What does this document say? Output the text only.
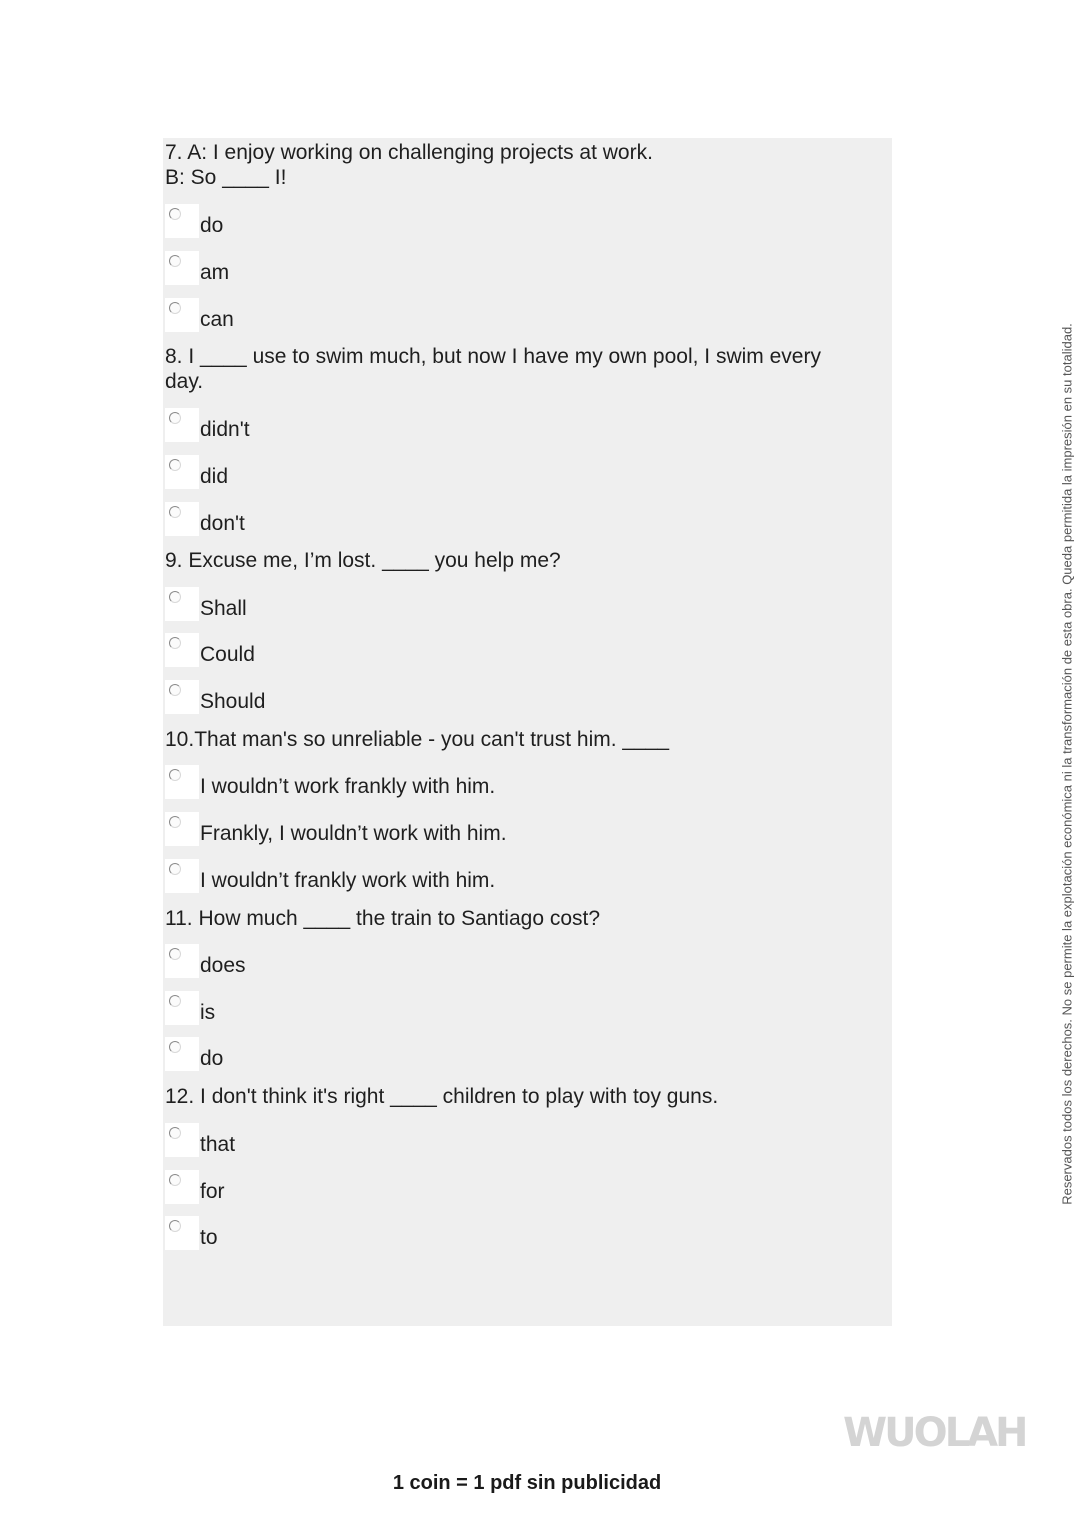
7. A: I enjoy working on challenging projects at work.
B: So ____ I!
do
am
can
8. I ____ use to swim much, but now I have my own pool, I swim every
day.
didn't
did
don't
9. Excuse me, I’m lost. ____ you help me?
Shall
Could
Should
10.That man's so unreliable - you can't trust him. ____
I wouldn’t work frankly with him.
Frankly, I wouldn’t work with him.
I wouldn’t frankly work with him.
11. How much ____ the train to Santiago cost?
does
is
do
12. I don't think it's right ____ children to play with toy guns.
that
for
to
Reservados todos los derechos. No se permite la explotación económica ni la transformación de esta obra. Queda permitida la impresión en su totalidad.
WUOLAH
1 coin = 1 pdf sin publicidad
